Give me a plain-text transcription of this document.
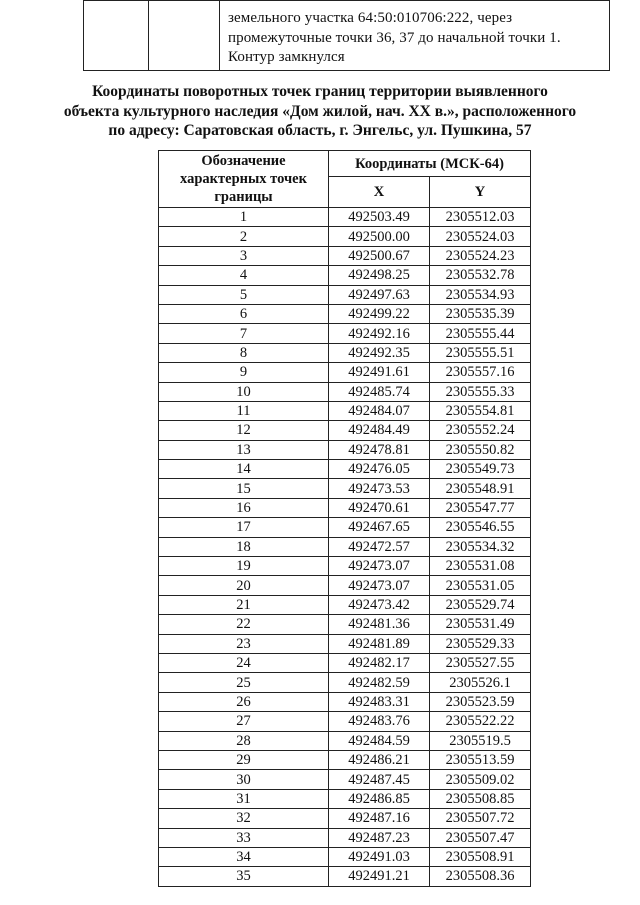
земельного участка 64:50:010706:222, через
промежуточные точки 36, 37 до начальной точки 1.
Контур замкнулся
Координаты поворотных точек границ территории выявленного
объекта культурного наследия «Дом жилой, нач. XX в.», расположенного
по адресу: Саратовская область, г. Энгельс, ул. Пушкина, 57
Обозначение характерных точек границы	Координаты (МСК-64)	
	X	Y
1	492503.49	2305512.03
2	492500.00	2305524.03
3	492500.67	2305524.23
4	492498.25	2305532.78
5	492497.63	2305534.93
6	492499.22	2305535.39
7	492492.16	2305555.44
8	492492.35	2305555.51
9	492491.61	2305557.16
10	492485.74	2305555.33
11	492484.07	2305554.81
12	492484.49	2305552.24
13	492478.81	2305550.82
14	492476.05	2305549.73
15	492473.53	2305548.91
16	492470.61	2305547.77
17	492467.65	2305546.55
18	492472.57	2305534.32
19	492473.07	2305531.08
20	492473.07	2305531.05
21	492473.42	2305529.74
22	492481.36	2305531.49
23	492481.89	2305529.33
24	492482.17	2305527.55
25	492482.59	2305526.1
26	492483.31	2305523.59
27	492483.76	2305522.22
28	492484.59	2305519.5
29	492486.21	2305513.59
30	492487.45	2305509.02
31	492486.85	2305508.85
32	492487.16	2305507.72
33	492487.23	2305507.47
34	492491.03	2305508.91
35	492491.21	2305508.36
